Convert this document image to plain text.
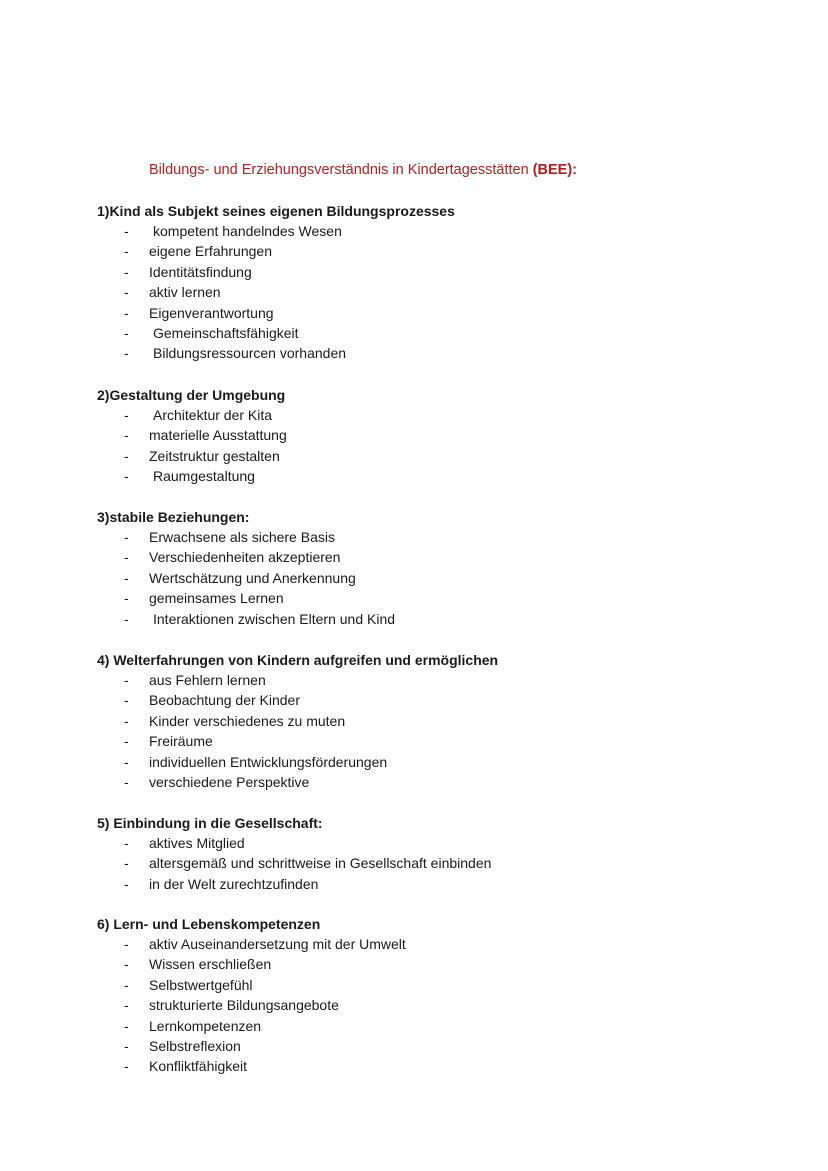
Bildungs- und Erziehungsverständnis in Kindertagesstätten (BEE):
1)Kind als Subjekt seines eigenen Bildungsprozesses
- kompetent handelndes Wesen
- eigene Erfahrungen
- Identitätsfindung
- aktiv lernen
- Eigenverantwortung
- Gemeinschaftsfähigkeit
- Bildungsressourcen vorhanden
2)Gestaltung der Umgebung
- Architektur der Kita
- materielle Ausstattung
- Zeitstruktur gestalten
- Raumgestaltung
3)stabile Beziehungen:
- Erwachsene als sichere Basis
- Verschiedenheiten akzeptieren
- Wertschätzung und Anerkennung
- gemeinsames Lernen
- Interaktionen zwischen Eltern und Kind
4) Welterfahrungen von Kindern aufgreifen und ermöglichen
- aus Fehlern lernen
- Beobachtung der Kinder
- Kinder verschiedenes zu muten
- Freiräume
- individuellen Entwicklungsförderungen
- verschiedene Perspektive
5) Einbindung in die Gesellschaft:
- aktives Mitglied
- altersgemäß und schrittweise in Gesellschaft einbinden
- in der Welt zurechtzufinden
6) Lern- und Lebenskompetenzen
- aktiv Auseinandersetzung mit der Umwelt
- Wissen erschließen
- Selbstwertgefühl
- strukturierte Bildungsangebote
- Lernkompetenzen
- Selbstreflexion
- Konfliktfähigkeit
